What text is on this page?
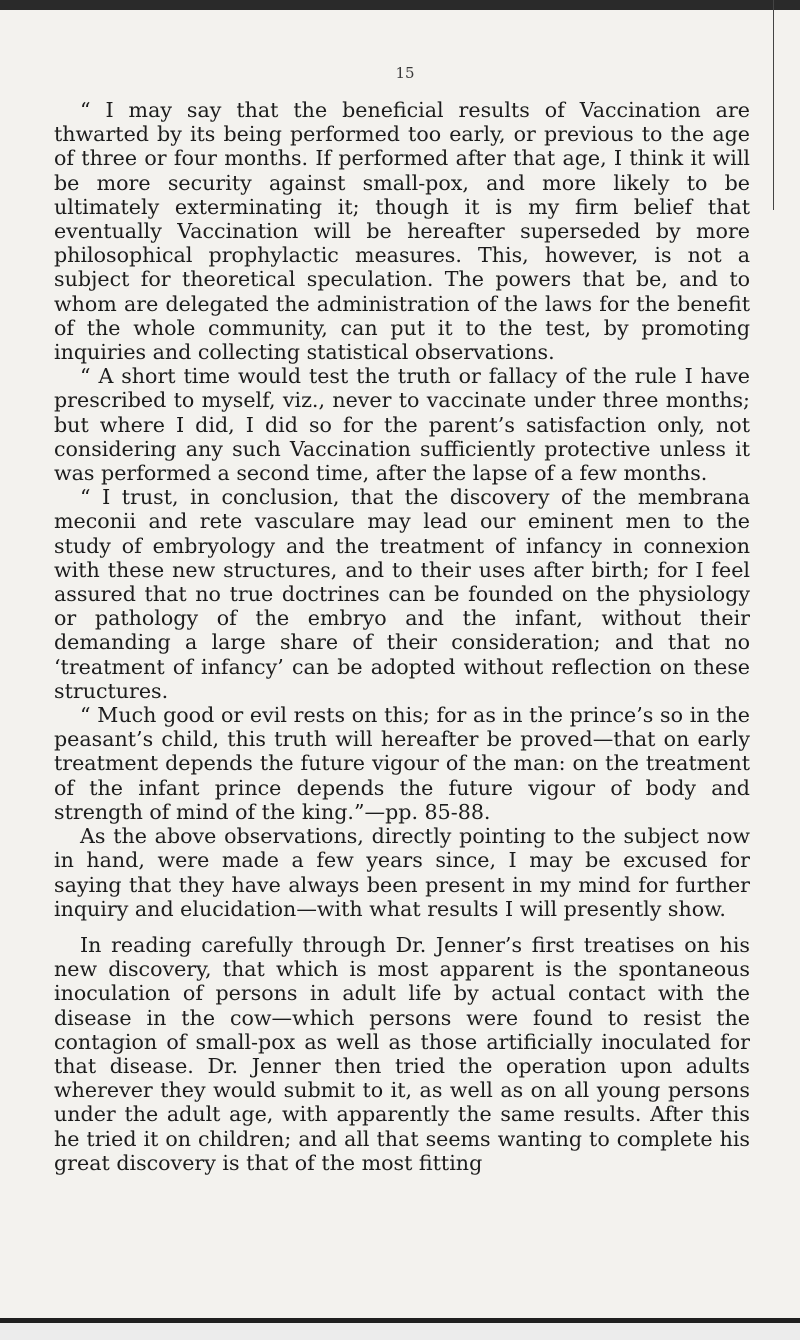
15

“ I may say that the beneficial results of Vaccination are thwarted by its being performed too early, or previous to the age of three or four months. If performed after that age, I think it will be more security against small-pox, and more likely to be ultimately exterminating it; though it is my firm belief that eventually Vaccination will be hereafter superseded by more philosophical prophylactic measures. This, however, is not a subject for theoretical speculation. The powers that be, and to whom are delegated the administration of the laws for the benefit of the whole community, can put it to the test, by promoting inquiries and collecting statistical observations.

“ A short time would test the truth or fallacy of the rule I have prescribed to myself, viz., never to vaccinate under three months; but where I did, I did so for the parent’s satisfaction only, not considering any such Vaccination sufficiently protective unless it was performed a second time, after the lapse of a few months.

“ I trust, in conclusion, that the discovery of the membrana meconii and rete vasculare may lead our eminent men to the study of embryology and the treatment of infancy in connexion with these new structures, and to their uses after birth; for I feel assured that no true doctrines can be founded on the physiology or pathology of the embryo and the infant, without their demanding a large share of their consideration; and that no ‘treatment of infancy’ can be adopted without reflection on these structures.

“ Much good or evil rests on this; for as in the prince’s so in the peasant’s child, this truth will hereafter be proved—that on early treatment depends the future vigour of the man: on the treatment of the infant prince depends the future vigour of body and strength of mind of the king.”—pp. 85-88.

As the above observations, directly pointing to the subject now in hand, were made a few years since, I may be excused for saying that they have always been present in my mind for further inquiry and elucidation—with what results I will presently show.

In reading carefully through Dr. Jenner’s first treatises on his new discovery, that which is most apparent is the spontaneous inoculation of persons in adult life by actual contact with the disease in the cow—which persons were found to resist the contagion of small-pox as well as those artificially inoculated for that disease. Dr. Jenner then tried the operation upon adults wherever they would submit to it, as well as on all young persons under the adult age, with apparently the same results. After this he tried it on children; and all that seems wanting to complete his great discovery is that of the most fitting
